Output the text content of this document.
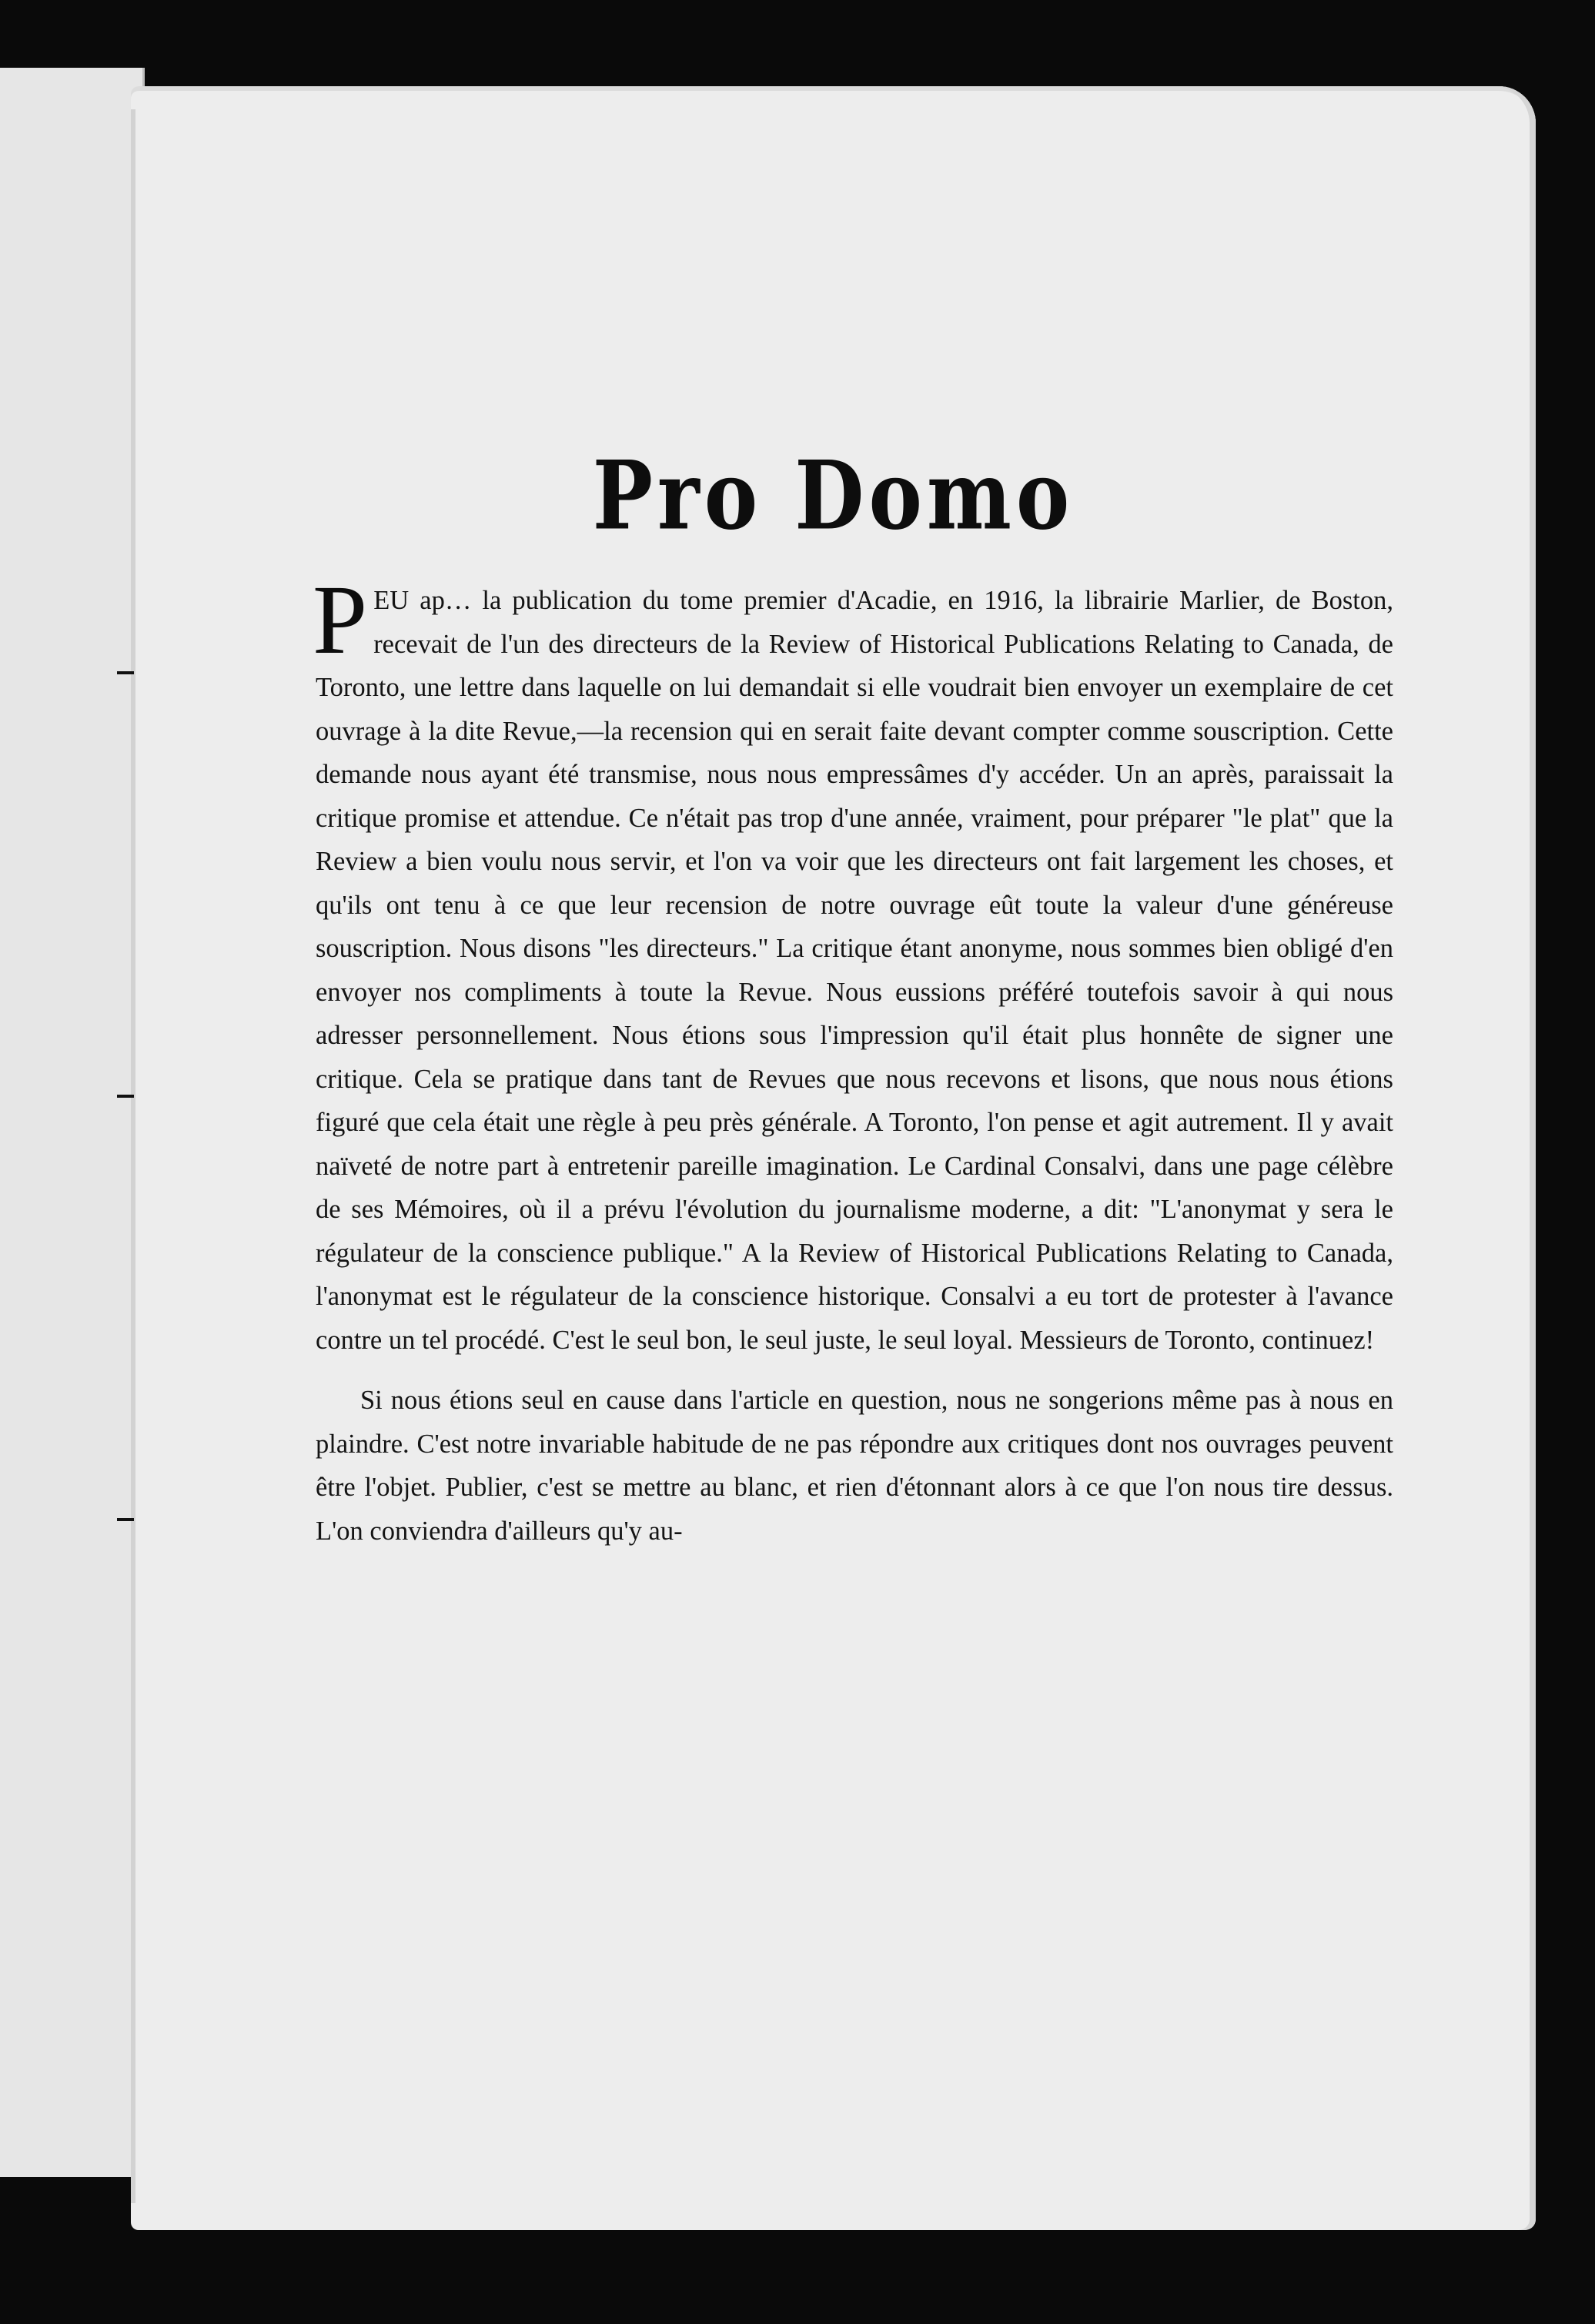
Pro Domo

PEU ap… la publication du tome premier d'Acadie, en 1916, la librairie Marlier, de Boston, recevait de l'un des directeurs de la Review of Historical Publications Relating to Canada, de Toronto, une lettre dans laquelle on lui demandait si elle voudrait bien envoyer un exemplaire de cet ouvrage à la dite Revue,—la recension qui en serait faite devant compter comme souscription. Cette demande nous ayant été transmise, nous nous empressâmes d'y accéder. Un an après, paraissait la critique promise et attendue. Ce n'était pas trop d'une année, vraiment, pour préparer "le plat" que la Review a bien voulu nous servir, et l'on va voir que les directeurs ont fait largement les choses, et qu'ils ont tenu à ce que leur recension de notre ouvrage eût toute la valeur d'une généreuse souscription. Nous disons "les directeurs." La critique étant anonyme, nous sommes bien obligé d'en envoyer nos compliments à toute la Revue. Nous eussions préféré toutefois savoir à qui nous adresser personnellement. Nous étions sous l'impression qu'il était plus honnête de signer une critique. Cela se pratique dans tant de Revues que nous recevons et lisons, que nous nous étions figuré que cela était une règle à peu près générale. A Toronto, l'on pense et agit autrement. Il y avait naïveté de notre part à entretenir pareille imagination. Le Cardinal Consalvi, dans une page célèbre de ses Mémoires, où il a prévu l'évolution du journalisme moderne, a dit: "L'anonymat y sera le régulateur de la conscience publique." A la Review of Historical Publications Relating to Canada, l'anonymat est le régulateur de la conscience historique. Consalvi a eu tort de protester à l'avance contre un tel procédé. C'est le seul bon, le seul juste, le seul loyal. Messieurs de Toronto, continuez!

Si nous étions seul en cause dans l'article en question, nous ne songerions même pas à nous en plaindre. C'est notre invariable habitude de ne pas répondre aux critiques dont nos ouvrages peuvent être l'objet. Publier, c'est se mettre au blanc, et rien d'étonnant alors à ce que l'on nous tire dessus. L'on conviendra d'ailleurs qu'y au-
